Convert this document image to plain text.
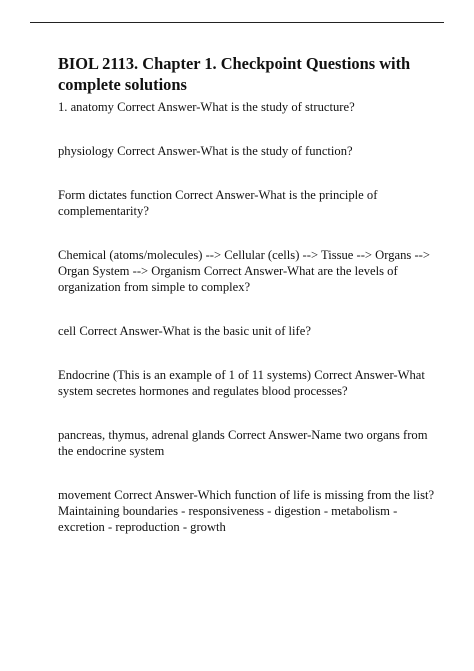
BIOL 2113. Chapter 1. Checkpoint Questions with complete solutions

1. anatomy Correct Answer-What is the study of structure?

physiology Correct Answer-What is the study of function?

Form dictates function Correct Answer-What is the principle of complementarity?

Chemical (atoms/molecules) --> Cellular (cells) --> Tissue --> Organs --> Organ System --> Organism Correct Answer-What are the levels of organization from simple to complex?

cell Correct Answer-What is the basic unit of life?

Endocrine (This is an example of 1 of 11 systems) Correct Answer-What system secretes hormones and regulates blood processes?

pancreas, thymus, adrenal glands Correct Answer-Name two organs from the endocrine system

movement Correct Answer-Which function of life is missing from the list? Maintaining boundaries - responsiveness - digestion - metabolism - excretion - reproduction - growth
